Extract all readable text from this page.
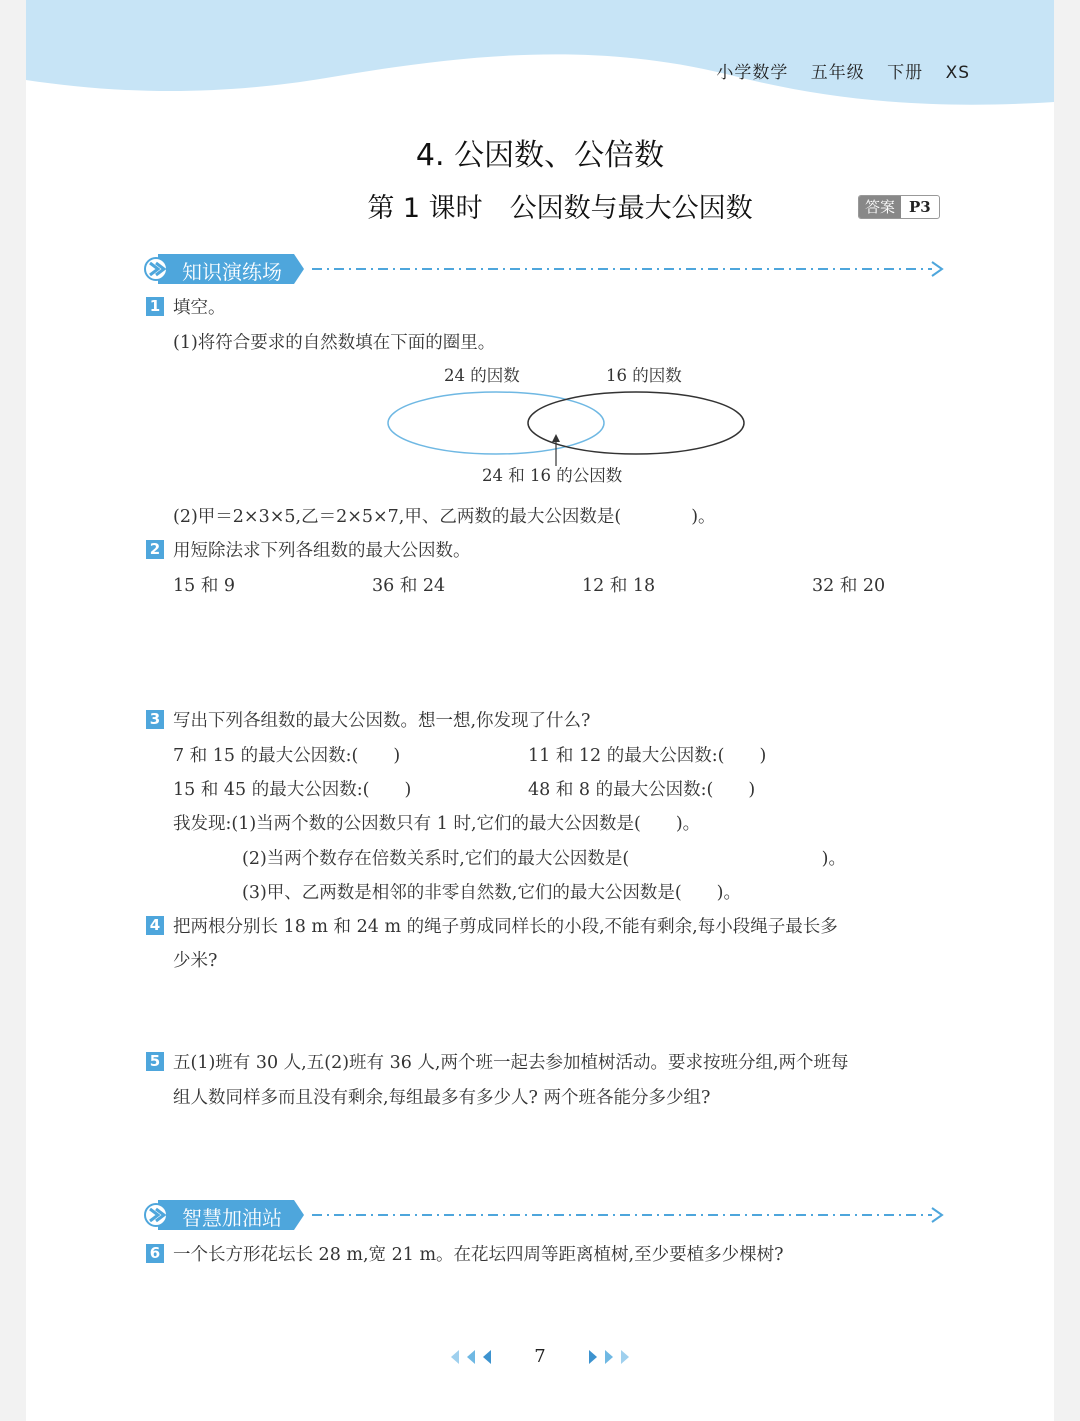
小学数学 五年级 下册 XS
4. 公因数、公倍数
第 1 课时　公因数与最大公因数	答案 P3
知识演练场
1 填空。
(1)将符合要求的自然数填在下面的圈里。
24 的因数	16 的因数
24 和 16 的公因数
(2)甲＝2×3×5,乙＝2×5×7,甲、乙两数的最大公因数是(　　　　)。
2 用短除法求下列各组数的最大公因数。
15 和 9	36 和 24	12 和 18	32 和 20
3 写出下列各组数的最大公因数。想一想,你发现了什么?
7 和 15 的最大公因数:(　　)	11 和 12 的最大公因数:(　　)
15 和 45 的最大公因数:(　　)	48 和 8 的最大公因数:(　　)
我发现:(1)当两个数的公因数只有 1 时,它们的最大公因数是(　　)。
(2)当两个数存在倍数关系时,它们的最大公因数是(　　　　　　　　　　　)。
(3)甲、乙两数是相邻的非零自然数,它们的最大公因数是(　　)。
4 把两根分别长 18 m 和 24 m 的绳子剪成同样长的小段,不能有剩余,每小段绳子最长多
少米?
5 五(1)班有 30 人,五(2)班有 36 人,两个班一起去参加植树活动。要求按班分组,两个班每
组人数同样多而且没有剩余,每组最多有多少人? 两个班各能分多少组?
智慧加油站
6 一个长方形花坛长 28 m,宽 21 m。在花坛四周等距离植树,至少要植多少棵树?
7
